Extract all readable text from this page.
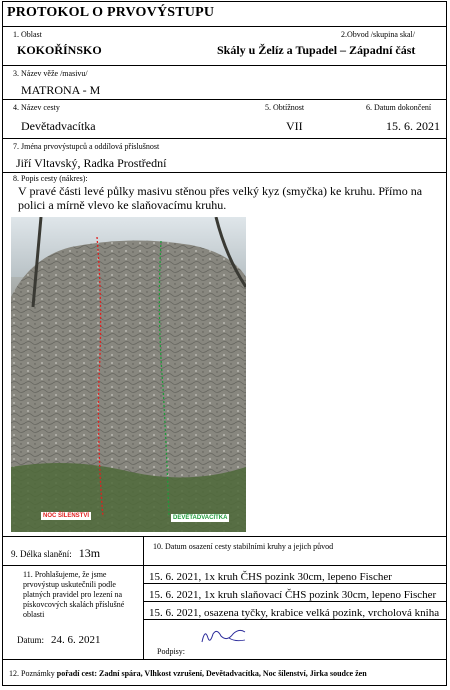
PROTOKOL O PRVOVÝSTUPU
1. Oblast
KOKOŘÍNSKO
2.Obvod /skupina skal/
Skály u Želíz a Tupadel – Západní část
3. Název věže /masivu/
MATRONA - M
4. Název cesty
Devětadvacítka
5. Obtížnost
VII
6. Datum dokončení
15. 6. 2021
7. Jména prvovýstupců a oddílová příslušnost
Jiří Vltavský, Radka Prostřední
8. Popis cesty (nákres):
V pravé části levé půlky masivu stěnou přes velký kyz (smyčka) ke kruhu. Přímo na polici a mírně vlevo ke slaňovacímu kruhu.
NOC ŠÍLENSTVÍ	DEVĚTADVACÍTKA
9. Délka slanění: 13m	10. Datum osazení cesty stabilními kruhy a jejich původ
11. Prohlašujeme, že jsme prvovýstup uskutečnili podle platných pravidel pro lezení na pískovcových skalách příslušné oblasti
15. 6. 2021, 1x kruh ČHS pozink 30cm, lepeno Fischer
15. 6. 2021, 1x kruh slaňovací ČHS pozink 30cm, lepeno Fischer
15. 6. 2021, osazena tyčky, krabice velká pozink, vrcholová kniha
Datum: 24. 6. 2021
Podpisy:
12. Poznámky pořadí cest: Zadní spára, Vlhkost vzrušení, Devětadvacítka, Noc šílenství, Jirka soudce žen
